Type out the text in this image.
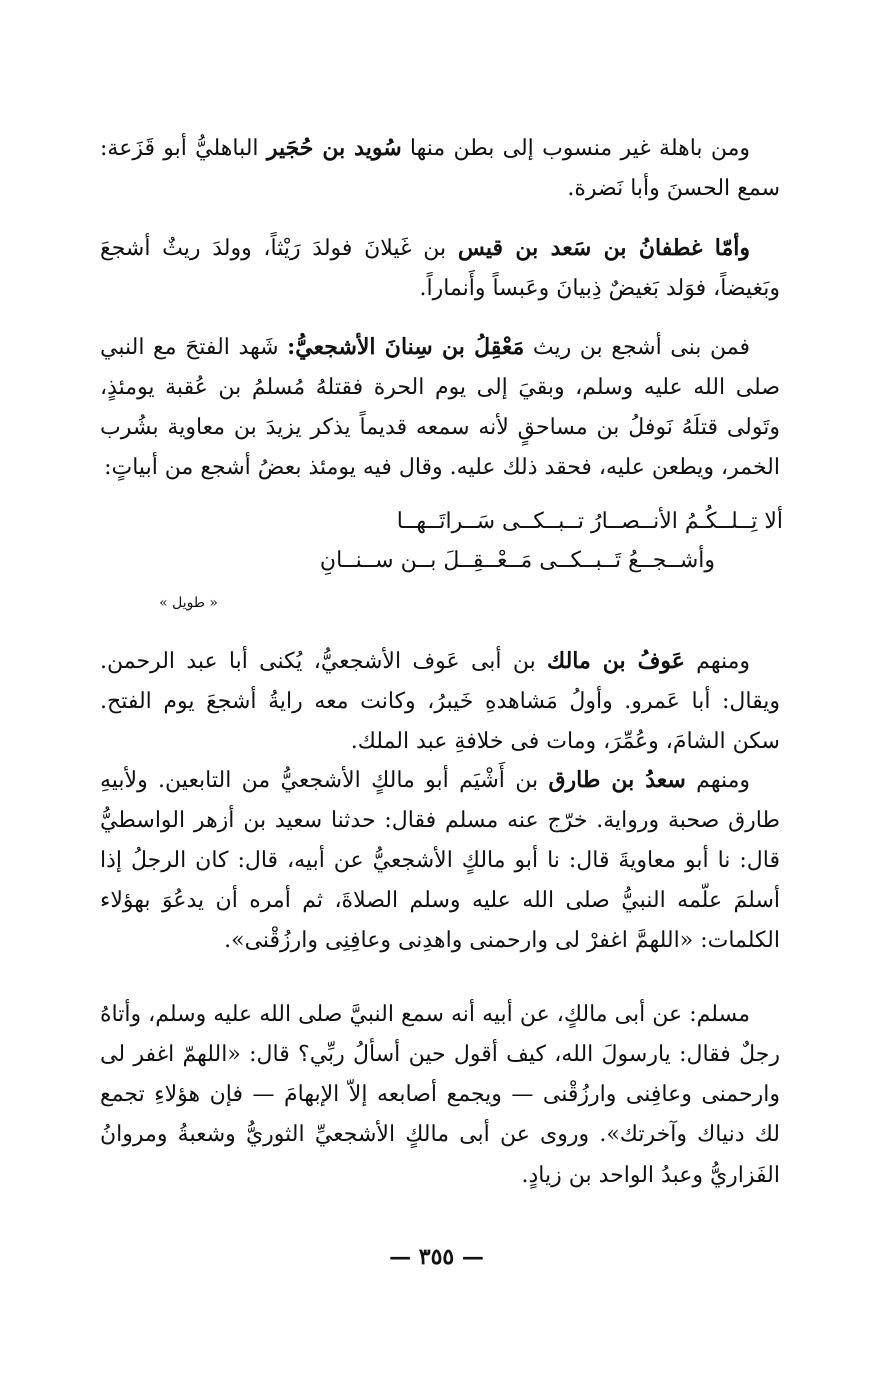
ومن باهلة غير منسوب إلى بطن منها سُويد بن حُجَير الباهليُّ أبو قَزَعة: سمع الحسنَ وأبا نَضرة.

وأمّا غطفانُ بن سَعد بن قيس بن غَيلانَ فولدَ رَيْثاً، وولدَ ريثٌ أشجعَ وبَغيضاً، فوَلد بَغيضٌ ذِبيانَ وعَبساً وأَنماراً.

فمن بنى أشجع بن ريث مَعْقِلُ بن سِنانَ الأشجعيُّ: شَهد الفتحَ مع النبي صلى الله عليه وسلم، وبقيَ إلى يوم الحرة فقتلهُ مُسلمُ بن عُقبة يومئذٍ، وتَولى قتلَهُ نَوفلُ بن مساحقٍ لأنه سمعه قديماً يذكر يزيدَ بن معاوية بشُرب الخمر، ويطعن عليه، فحقد ذلك عليه. وقال فيه يومئذ بعضُ أشجع من أبياتٍ:

ألا تِــلــكُـمُ الأنــصــارُ تــبــكــى سَــراتَــهــا
وأشــجــعُ تَــبــكــى مَــعْــقِــلَ بــن ســنــانِ
« طويل »

ومنهم عَوفُ بن مالك بن أبى عَوف الأشجعيُّ، يُكنى أبا عبد الرحمن. ويقال: أبا عَمرو. وأولُ مَشاهدهِ خَيبرُ، وكانت معه رايةُ أشجعَ يوم الفتح. سكن الشامَ، وعُمِّرَ، ومات فى خلافةِ عبد الملك.

ومنهم سعدُ بن طارق بن أَشْيَم أبو مالكٍ الأشجعيُّ من التابعين. ولأبيهِ طارق صحبة ورواية. خرّج عنه مسلم فقال: حدثنا سعيد بن أزهر الواسطيُّ قال: نا أبو معاويةَ قال: نا أبو مالكٍ الأشجعيُّ عن أبيه، قال: كان الرجلُ إذا أسلمَ علّمه النبيُّ صلى الله عليه وسلم الصلاةَ، ثم أمره أن يدعُوَ بهؤلاء الكلمات: «اللهمَّ اغفرْ لى وارحمنى واهدِنى وعافِنِى وارزُقْنى».

مسلم: عن أبى مالكٍ، عن أبيه أنه سمع النبيَّ صلى الله عليه وسلم، وأتاهُ رجلٌ فقال: يارسولَ الله، كيف أقول حين أسألُ ربِّي؟ قال: «اللهمّ اغفر لى وارحمنى وعافِنى وارزُقْنى — ويجمع أصابعه إلاّ الإبهامَ — فإن هؤلاءِ تجمع لك دنياك وآخرتك». وروى عن أبى مالكٍ الأشجعيِّ الثوريُّ وشعبةُ ومروانُ الفَزاريُّ وعبدُ الواحد بن زيادٍ.

— ٣٥٥ —
